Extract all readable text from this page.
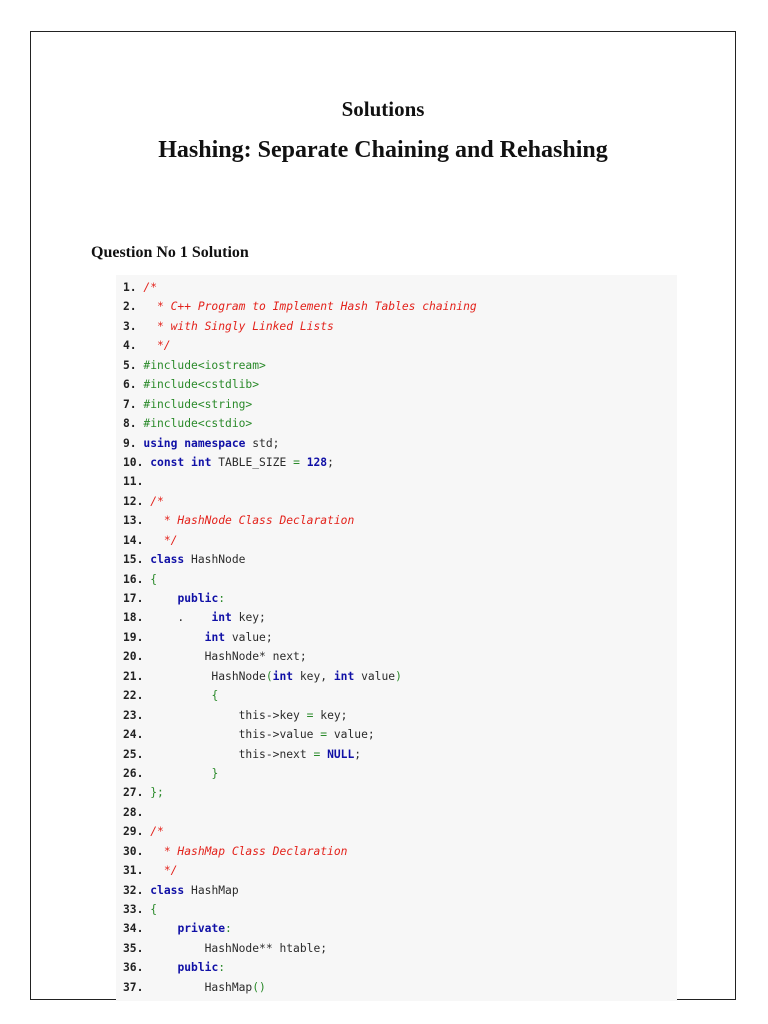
Solutions
Hashing: Separate Chaining and Rehashing
Question No 1 Solution
1. /*
2.   * C++ Program to Implement Hash Tables chaining
3.   * with Singly Linked Lists
4.   */
5. #include<iostream>
6. #include<cstdlib>
7. #include<string>
8. #include<cstdio>
9. using namespace std;
10. const int TABLE_SIZE = 128;
11.
12. /*
13.   * HashNode Class Declaration
14.   */
15. class HashNode
16. {
17.     public:
18.     .    int key;
19.	int value;
20.         HashNode* next;
21.          HashNode(int key, int value)
22.	{
23.              this->key = key;
24.              this->value = value;
25.              this->next = NULL;
26.	}
27. };
28.
29. /*
30.   * HashMap Class Declaration
31.   */
32. class HashMap
33. {
34.     private:
35.         HashNode** htable;
36.     public:
37.         HashMap()
